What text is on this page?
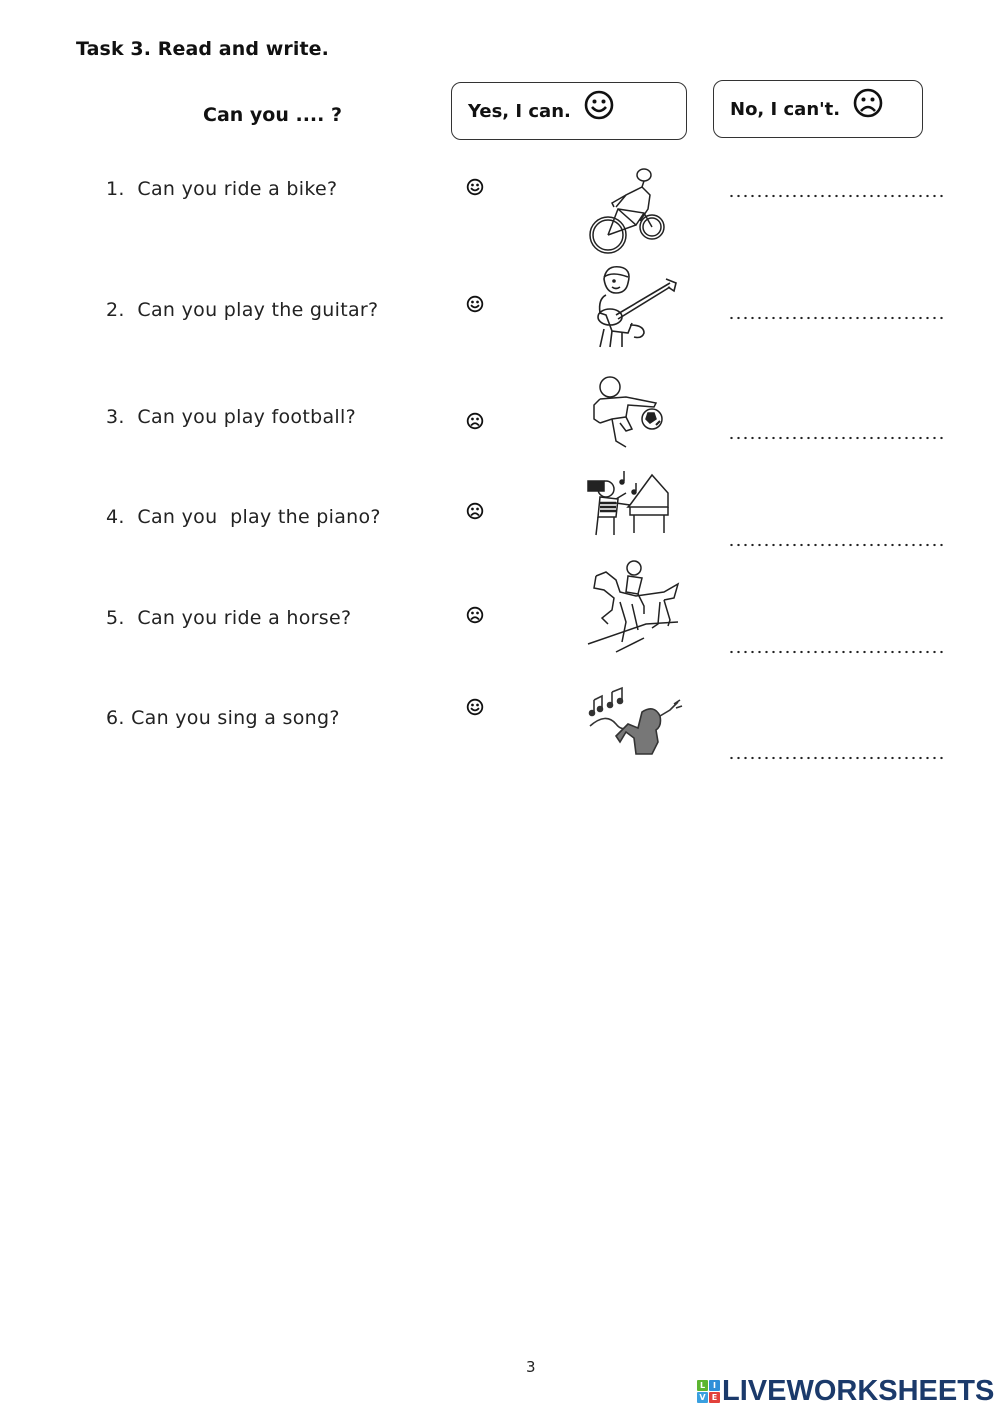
Task 3. Read and write.
Can you .... ?	Yes, I can.	No, I can't.
1.  Can you ride a bike?
2.  Can you play the guitar?
3.  Can you play football?
4.  Can you  play the piano?
5.  Can you ride a horse?
6. Can you sing a song?
3
L I
V E LIVEWORKSHEETS
